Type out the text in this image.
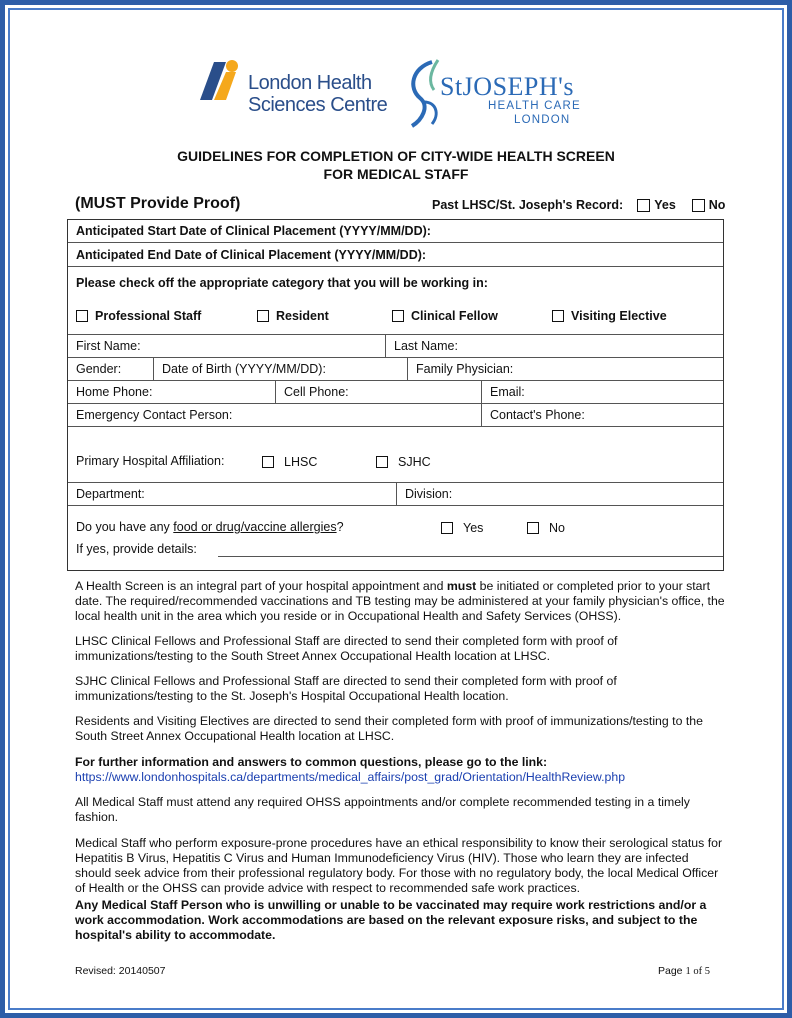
London Health
Sciences Centre
StJOSEPH's
HEALTH CARE
LONDON
GUIDELINES FOR COMPLETION OF CITY-WIDE HEALTH SCREEN
FOR MEDICAL STAFF
(MUST Provide Proof)	Past LHSC/St. Joseph's Record: Yes	No
Anticipated Start Date of Clinical Placement (YYYY/MM/DD):
Anticipated End Date of Clinical Placement (YYYY/MM/DD):
Please check off the appropriate category that you will be working in:
Professional Staff	Resident	Clinical Fellow	Visiting Elective
First Name:	Last Name:
Gender:	Date of Birth (YYYY/MM/DD):	Family Physician:
Home Phone:	Cell Phone:	Email:
Emergency Contact Person:	Contact's Phone:
Primary Hospital Affiliation:	LHSC	SJHC
Department:	Division:
Do you have any food or drug/vaccine allergies?	Yes	No
If yes, provide details:
A Health Screen is an integral part of your hospital appointment and must be initiated or completed prior to your start date. The required/recommended vaccinations and TB testing may be administered at your family physician's office, the local health unit in the area which you reside or in Occupational Health and Safety Services (OHSS).
LHSC Clinical Fellows and Professional Staff are directed to send their completed form with proof of immunizations/testing to the South Street Annex Occupational Health location at LHSC.
SJHC Clinical Fellows and Professional Staff are directed to send their completed form with proof of immunizations/testing to the St. Joseph's Hospital Occupational Health location.
Residents and Visiting Electives are directed to send their completed form with proof of immunizations/testing to the South Street Annex Occupational Health location at LHSC.
For further information and answers to common questions, please go to the link:
https://www.londonhospitals.ca/departments/medical_affairs/post_grad/Orientation/HealthReview.php
All Medical Staff must attend any required OHSS appointments and/or complete recommended testing in a timely fashion.
Medical Staff who perform exposure-prone procedures have an ethical responsibility to know their serological status for Hepatitis B Virus, Hepatitis C Virus and Human Immunodeficiency Virus (HIV). Those who learn they are infected should seek advice from their professional regulatory body. For those with no regulatory body, the local Medical Officer of Health or the OHSS can provide advice with respect to recommended safe work practices.
Any Medical Staff Person who is unwilling or unable to be vaccinated may require work restrictions and/or a work accommodation. Work accommodations are based on the relevant exposure risks, and subject to the hospital's ability to accommodate.
Revised: 20140507	Page 1 of 5
